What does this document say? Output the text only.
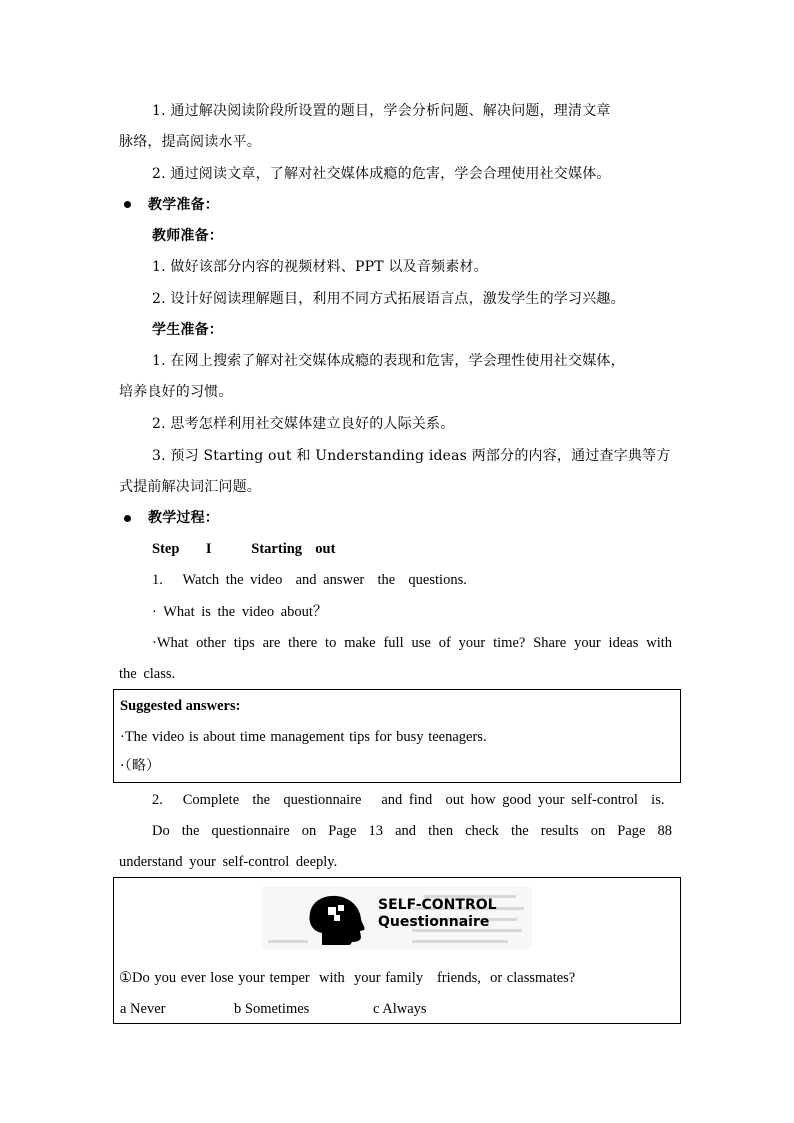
1. 通过解决阅读阶段所设置的题目，学会分析问题、解决问题，理清文章
脉络，提高阅读水平。
2. 通过阅读文章，了解对社交媒体成瘾的危害，学会合理使用社交媒体。
教学准备：
教师准备：
1. 做好该部分内容的视频材料、PPT 以及音频素材。
2. 设计好阅读理解题目，利用不同方式拓展语言点，激发学生的学习兴趣。
学生准备：
1. 在网上搜索了解对社交媒体成瘾的表现和危害，学会理性使用社交媒体，
培养良好的习惯。
2. 思考怎样利用社交媒体建立良好的人际关系。
3. 预习 Starting out 和 Understanding ideas 两部分的内容，通过查字典等方
式提前解决词汇问题。
教学过程：
Step    I      Starting  out
1.   Watch the video  and answer  the  questions.
· What is the video about？
·What other tips are there to make full use of your time? Share your ideas with
the class.
Suggested answers:
·The video is about time management tips for busy teenagers.
·（略）
2.   Complete  the  questionnaire   and find  out how good your self-control  is.
Do the questionnaire on Page 13 and then check the results on Page 88
understand your self-control deeply.
SELF-CONTROL
Questionnaire
①Do you ever lose your temper  with  your family   friends,  or classmates?
a Never	b Sometimes	c Always
